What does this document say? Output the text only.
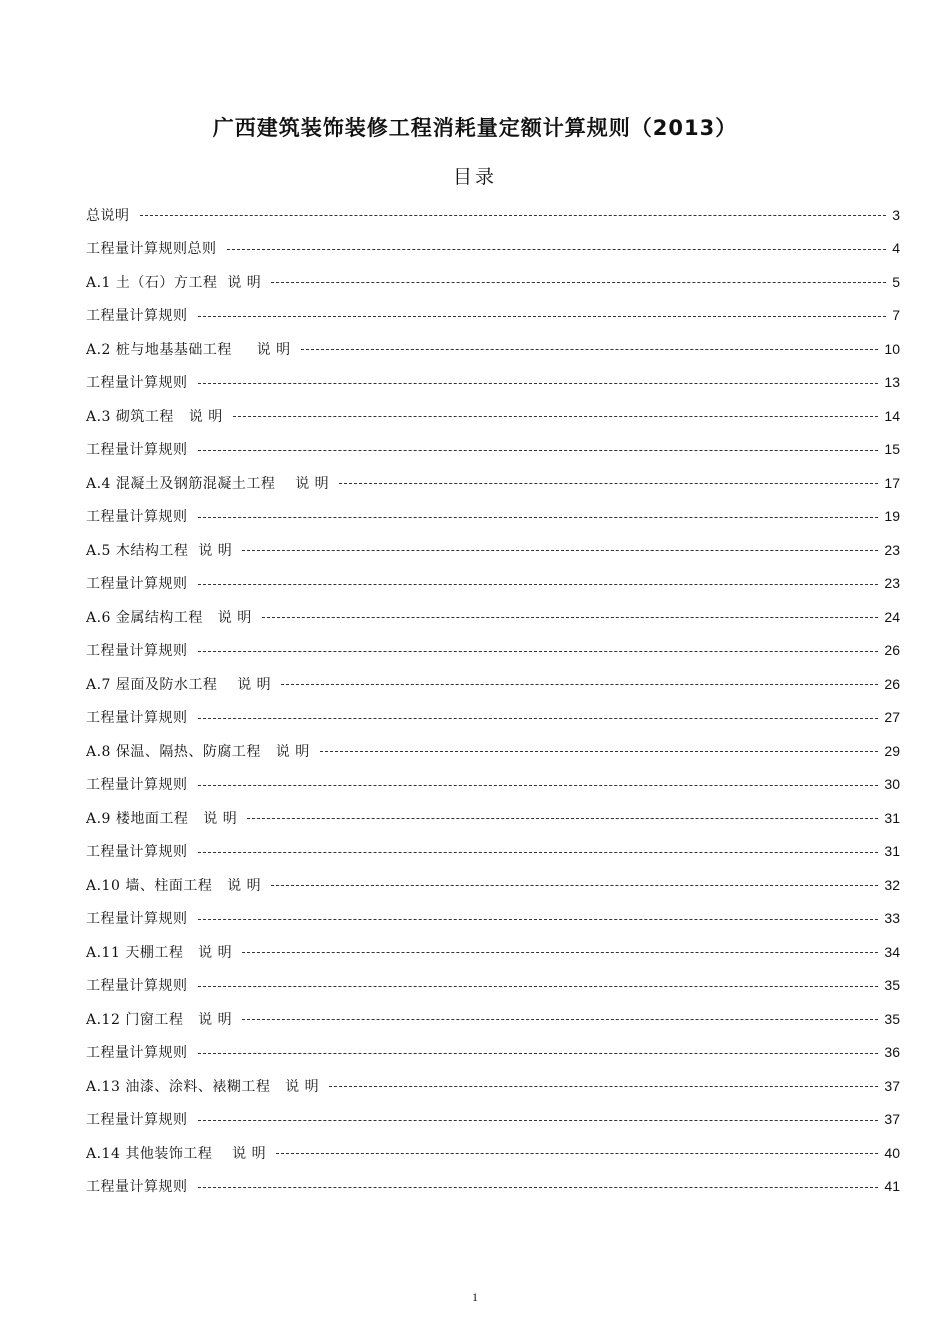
广西建筑装饰装修工程消耗量定额计算规则（2013）
目录
总说明	3
工程量计算规则总则	4
A.1 土（石）方工程  说 明	5
工程量计算规则	7
A.2 桩与地基基础工程     说 明	10
工程量计算规则	13
A.3 砌筑工程   说 明	14
工程量计算规则	15
A.4 混凝土及钢筋混凝土工程    说 明	17
工程量计算规则	19
A.5 木结构工程  说 明	23
工程量计算规则	23
A.6 金属结构工程   说 明	24
工程量计算规则	26
A.7 屋面及防水工程    说 明	26
工程量计算规则	27
A.8 保温、隔热、防腐工程   说 明	29
工程量计算规则	30
A.9 楼地面工程   说 明	31
工程量计算规则	31
A.10 墙、柱面工程   说 明	32
工程量计算规则	33
A.11 天棚工程   说 明	34
工程量计算规则	35
A.12 门窗工程   说 明	35
工程量计算规则	36
A.13 油漆、涂料、裱糊工程   说 明	37
工程量计算规则	37
A.14 其他装饰工程    说 明	40
工程量计算规则	41
1
